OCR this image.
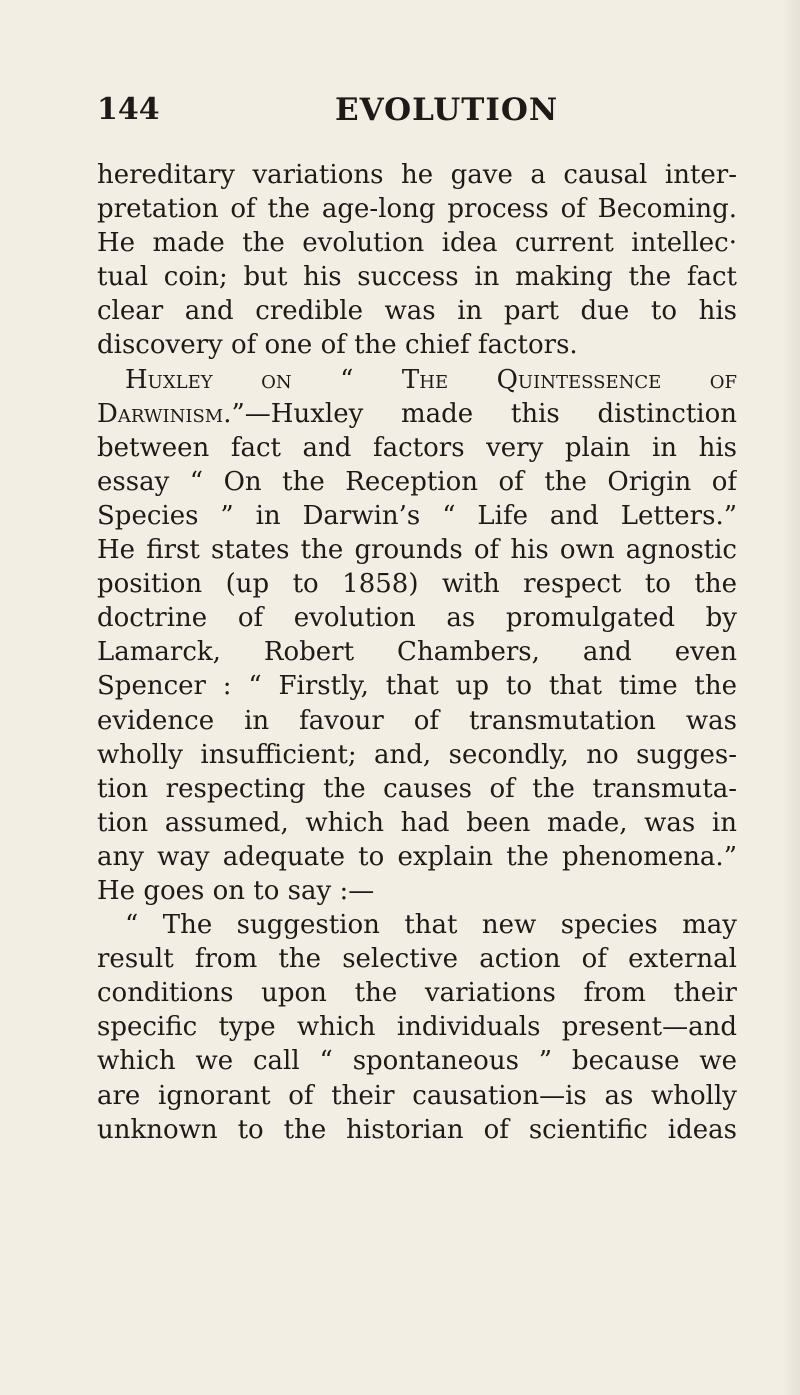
144	EVOLUTION
hereditary variations he gave a causal inter-
pretation of the age-long process of Becoming.
He made the evolution idea current intellec·
tual coin; but his success in making the fact
clear and credible was in part due to his
discovery of one of the chief factors.
Huxley on “ The Quintessence of
Darwinism.”—Huxley made this distinction
between fact and factors very plain in his
essay “ On the Reception of the Origin of
Species ” in Darwin’s “ Life and Letters.”
He first states the grounds of his own agnostic
position (up to 1858) with respect to the
doctrine of evolution as promulgated by
Lamarck, Robert Chambers, and even
Spencer : “ Firstly, that up to that time the
evidence in favour of transmutation was
wholly insufficient; and, secondly, no sugges-
tion respecting the causes of the transmuta-
tion assumed, which had been made, was in
any way adequate to explain the phenomena.”
He goes on to say :—
“ The suggestion that new species may
result from the selective action of external
conditions upon the variations from their
specific type which individuals present—and
which we call “ spontaneous ” because we
are ignorant of their causation—is as wholly
unknown to the historian of scientific ideas
